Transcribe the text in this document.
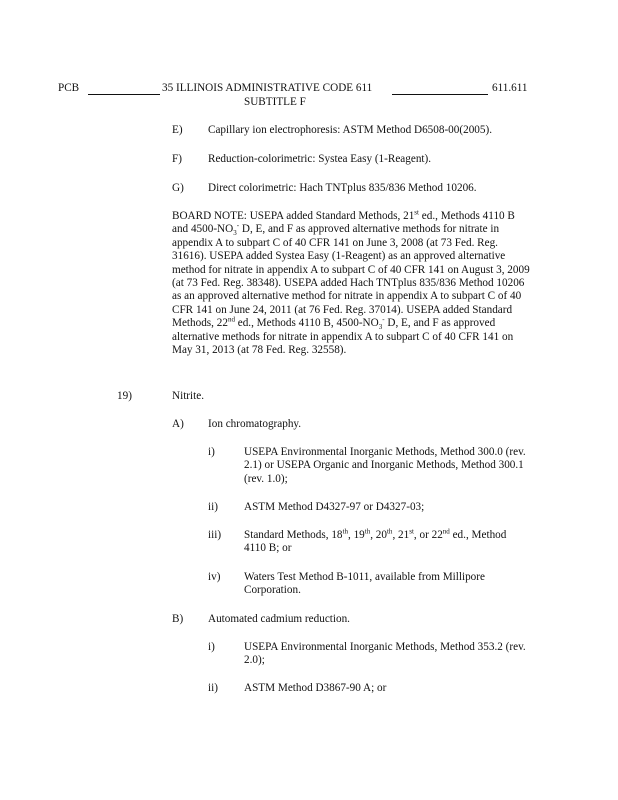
PCB	35 ILLINOIS ADMINISTRATIVE CODE 611	611.611
SUBTITLE F
E) Capillary ion electrophoresis: ASTM Method D6508-00(2005).
F) Reduction-colorimetric: Systea Easy (1-Reagent).
G) Direct colorimetric: Hach TNTplus 835/836 Method 10206.

BOARD NOTE: USEPA added Standard Methods, 21st ed., Methods 4110 B and $4500-NO_3^-$ D, E, and F as approved alternative methods for nitrate in appendix A to subpart C of 40 CFR 141 on June 3, 2008 (at 73 Fed. Reg. 31616). USEPA added Systea Easy (1-Reagent) as an approved alternative method for nitrate in appendix A to subpart C of 40 CFR 141 on August 3, 2009 (at 73 Fed. Reg. 38348). USEPA added Hach TNTplus 835/836 Method 10206 as an approved alternative method for nitrate in appendix A to subpart C of 40 CFR 141 on June 24, 2011 (at 76 Fed. Reg. 37014). USEPA added Standard Methods, 22nd ed., Methods 4110 B, $4500-NO_3^-$ D, E, and F as approved alternative methods for nitrate in appendix A to subpart C of 40 CFR 141 on May 31, 2013 (at 78 Fed. Reg. 32558).

19)	Nitrite.
A) Ion chromatography.
i)	USEPA Environmental Inorganic Methods, Method 300.0 (rev. 2.1) or USEPA Organic and Inorganic Methods, Method 300.1 (rev. 1.0);

ii) ASTM Method D4327-97 or D4327-03;

iii) Standard Methods, 18th, 19th, 20th, 21st, or 22nd ed., Method 4110 B; or

iv) Waters Test Method B-1011, available from Millipore Corporation.

B) Automated cadmium reduction.
i)	USEPA Environmental Inorganic Methods, Method 353.2 (rev. 2.0);

ii) ASTM Method D3867-90 A; or
